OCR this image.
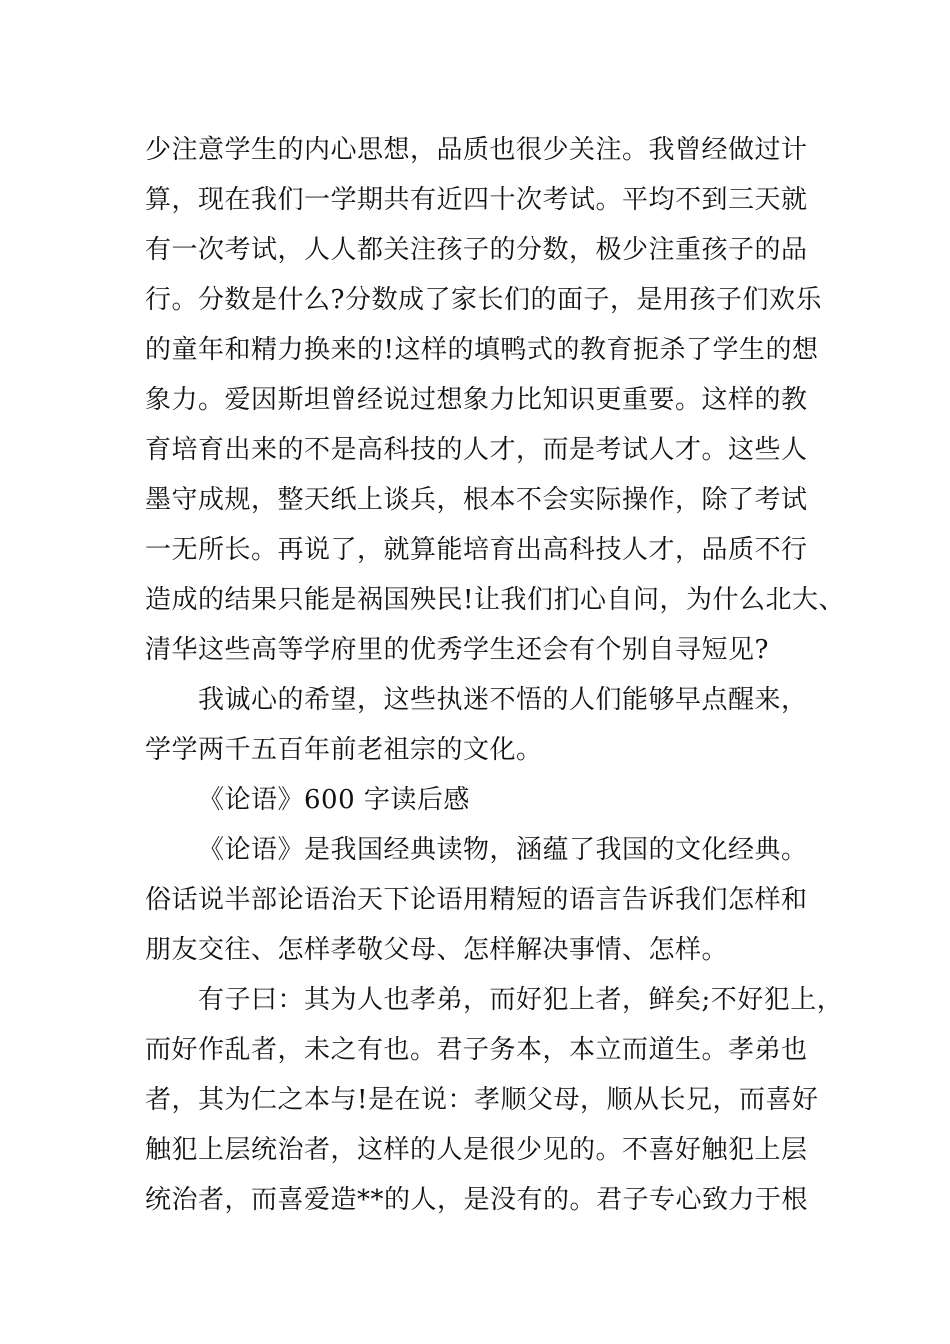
少注意学生的内心思想，品质也很少关注。我曾经做过计
算，现在我们一学期共有近四十次考试。平均不到三天就
有一次考试，人人都关注孩子的分数，极少注重孩子的品
行。分数是什么?分数成了家长们的面子，是用孩子们欢乐
的童年和精力换来的!这样的填鸭式的教育扼杀了学生的想
象力。爱因斯坦曾经说过想象力比知识更重要。这样的教
育培育出来的不是高科技的人才，而是考试人才。这些人
墨守成规，整天纸上谈兵，根本不会实际操作，除了考试
一无所长。再说了，就算能培育出高科技人才，品质不行
造成的结果只能是祸国殃民!让我们扪心自问，为什么北大、
清华这些高等学府里的优秀学生还会有个别自寻短见?
我诚心的希望，这些执迷不悟的人们能够早点醒来，
学学两千五百年前老祖宗的文化。
《论语》600 字读后感
《论语》是我国经典读物，涵蕴了我国的文化经典。
俗话说半部论语治天下论语用精短的语言告诉我们怎样和
朋友交往、怎样孝敬父母、怎样解决事情、怎样。
有子曰：其为人也孝弟，而好犯上者，鲜矣;不好犯上，
而好作乱者，未之有也。君子务本，本立而道生。孝弟也
者，其为仁之本与!是在说：孝顺父母，顺从长兄，而喜好
触犯上层统治者，这样的人是很少见的。不喜好触犯上层
统治者，而喜爱造**的人，是没有的。君子专心致力于根
